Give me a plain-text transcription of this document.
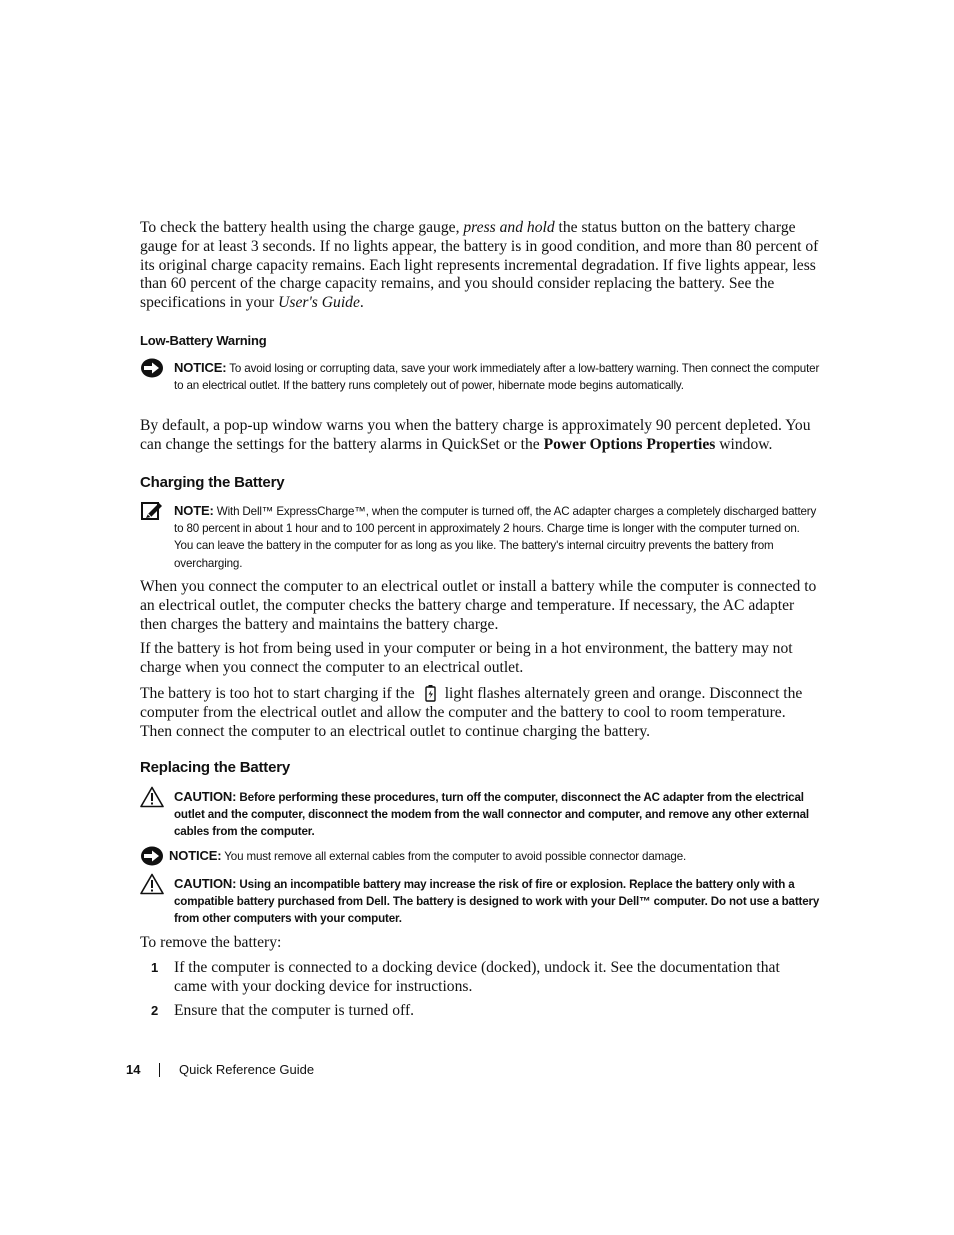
To check the battery health using the charge gauge, press and hold the status button on the battery charge gauge for at least 3 seconds. If no lights appear, the battery is in good condition, and more than 80 percent of its original charge capacity remains. Each light represents incremental degradation. If five lights appear, less than 60 percent of the charge capacity remains, and you should consider replacing the battery. See the specifications in your User's Guide.

Low-Battery Warning
NOTICE: To avoid losing or corrupting data, save your work immediately after a low-battery warning. Then connect the computer to an electrical outlet. If the battery runs completely out of power, hibernate mode begins automatically.

By default, a pop-up window warns you when the battery charge is approximately 90 percent depleted. You can change the settings for the battery alarms in QuickSet or the Power Options Properties window.

Charging the Battery
NOTE: With Dell™ ExpressCharge™, when the computer is turned off, the AC adapter charges a completely discharged battery to 80 percent in about 1 hour and to 100 percent in approximately 2 hours. Charge time is longer with the computer turned on. You can leave the battery in the computer for as long as you like. The battery's internal circuitry prevents the battery from overcharging.

When you connect the computer to an electrical outlet or install a battery while the computer is connected to an electrical outlet, the computer checks the battery charge and temperature. If necessary, the AC adapter then charges the battery and maintains the battery charge.

If the battery is hot from being used in your computer or being in a hot environment, the battery may not charge when you connect the computer to an electrical outlet.

The battery is too hot to start charging if the light flashes alternately green and orange. Disconnect the computer from the electrical outlet and allow the computer and the battery to cool to room temperature. Then connect the computer to an electrical outlet to continue charging the battery.

Replacing the Battery
CAUTION: Before performing these procedures, turn off the computer, disconnect the AC adapter from the electrical outlet and the computer, disconnect the modem from the wall connector and computer, and remove any other external cables from the computer.
NOTICE: You must remove all external cables from the computer to avoid possible connector damage.
CAUTION: Using an incompatible battery may increase the risk of fire or explosion. Replace the battery only with a compatible battery purchased from Dell. The battery is designed to work with your Dell™ computer. Do not use a battery from other computers with your computer.

To remove the battery:

1 If the computer is connected to a docking device (docked), undock it. See the documentation that came with your docking device for instructions.
2 Ensure that the computer is turned off.
14	Quick Reference Guide
